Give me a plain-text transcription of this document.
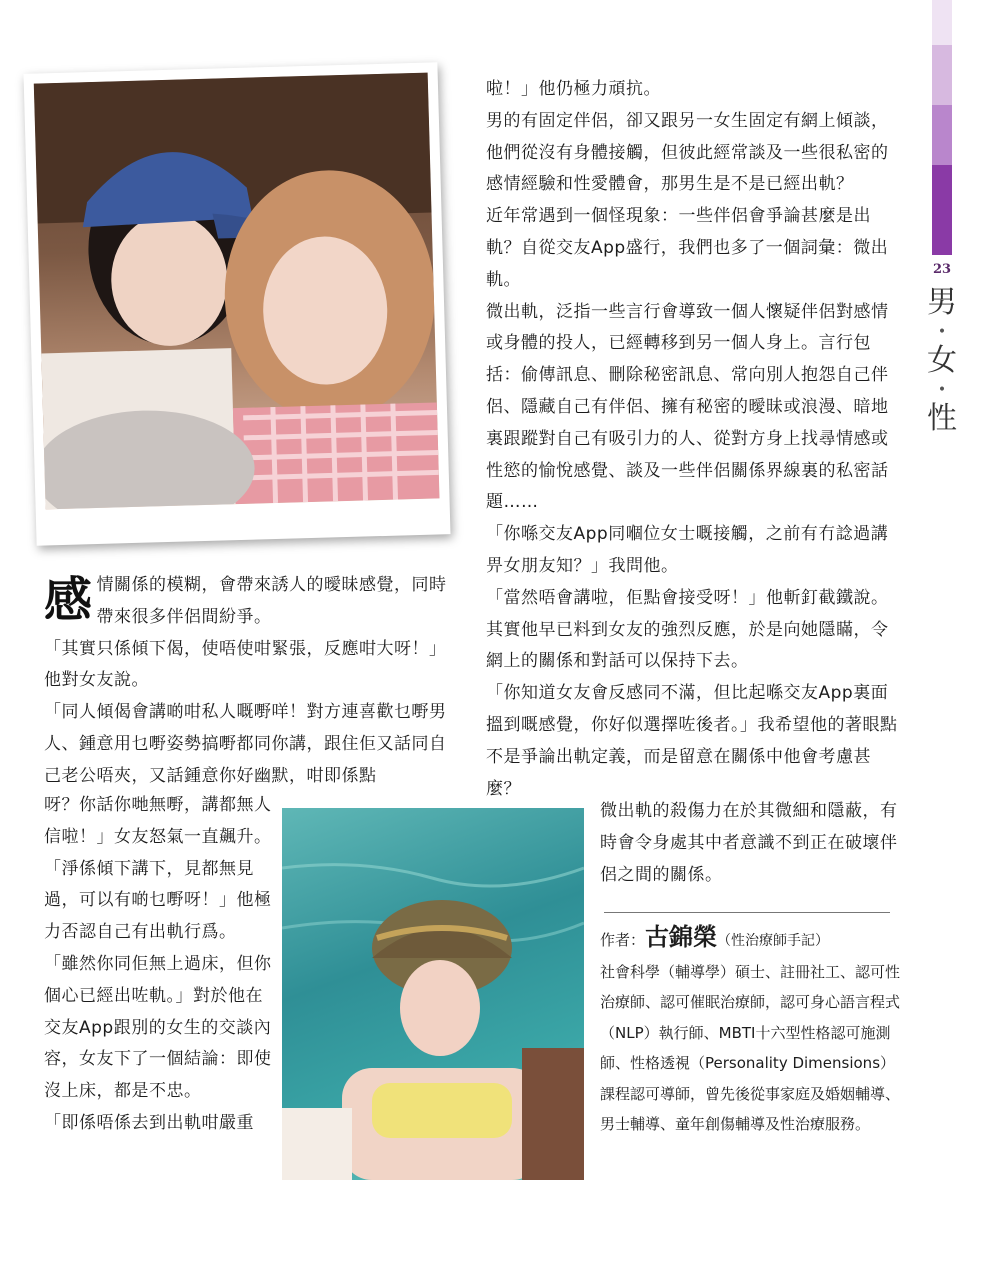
23
男
•
女
•
性
感 情關係的模糊，會帶來誘人的曖昧感覺，同時帶來很多伴侶間紛爭。

「其實只係傾下偈，使唔使咁緊張，反應咁大呀！」他對女友說。

「同人傾偈會講啲咁私人嘅嘢咩！對方連喜歡乜嘢男人、鍾意用乜嘢姿勢搞嘢都同你講，跟住佢又話同自己老公唔夾，又話鍾意你好幽默，咁即係點

呀？你話你哋無嘢，講都無人信啦！」女友怒氣一直飆升。

「淨係傾下講下，見都無見過，可以有啲乜嘢呀！」他極力否認自己有出軌行爲。

「雖然你同佢無上過床，但你個心已經出咗軌。」對於他在交友App跟別的女生的交談內容，女友下了一個結論：即使沒上床，都是不忠。

「即係唔係去到出軌咁嚴重

啦！」他仍極力頑抗。

男的有固定伴侶，卻又跟另一女生固定有網上傾談，他們從沒有身體接觸，但彼此經常談及一些很私密的感情經驗和性愛體會，那男生是不是已經出軌？

近年常遇到一個怪現象：一些伴侶會爭論甚麼是出軌？自從交友App盛行，我們也多了一個詞彙：微出軌。

微出軌，泛指一些言行會導致一個人懷疑伴侶對感情或身體的投人，已經轉移到另一個人身上。言行包括：偷傳訊息、刪除秘密訊息、常向別人抱怨自己伴侶、隱藏自己有伴侶、擁有秘密的曖昧或浪漫、暗地裏跟蹤對自己有吸引力的人、從對方身上找尋情感或性慾的愉悅感覺、談及一些伴侶關係界線裏的私密話題……

「你喺交友App同嗰位女士嘅接觸，之前有冇諗過講畀女朋友知？」我問他。

「當然唔會講啦，佢點會接受呀！」他斬釘截鐵說。其實他早已料到女友的強烈反應，於是向她隱瞞，令網上的關係和對話可以保持下去。

「你知道女友會反感同不滿，但比起喺交友App裏面搵到嘅感覺，你好似選擇咗後者。」我希望他的著眼點不是爭論出軌定義，而是留意在關係中他會考慮甚麼？

微出軌的殺傷力在於其微細和隱蔽，有時會令身處其中者意識不到正在破壞伴侶之間的關係。

作者：古錦榮（性治療師手記）

社會科學（輔導學）碩士、註冊社工、認可性治療師、認可催眠治療師，認可身心語言程式（NLP）執行師、MBTI十六型性格認可施測師、性格透視（Personality Dimensions）課程認可導師，曾先後從事家庭及婚姻輔導、男士輔導、童年創傷輔導及性治療服務。
